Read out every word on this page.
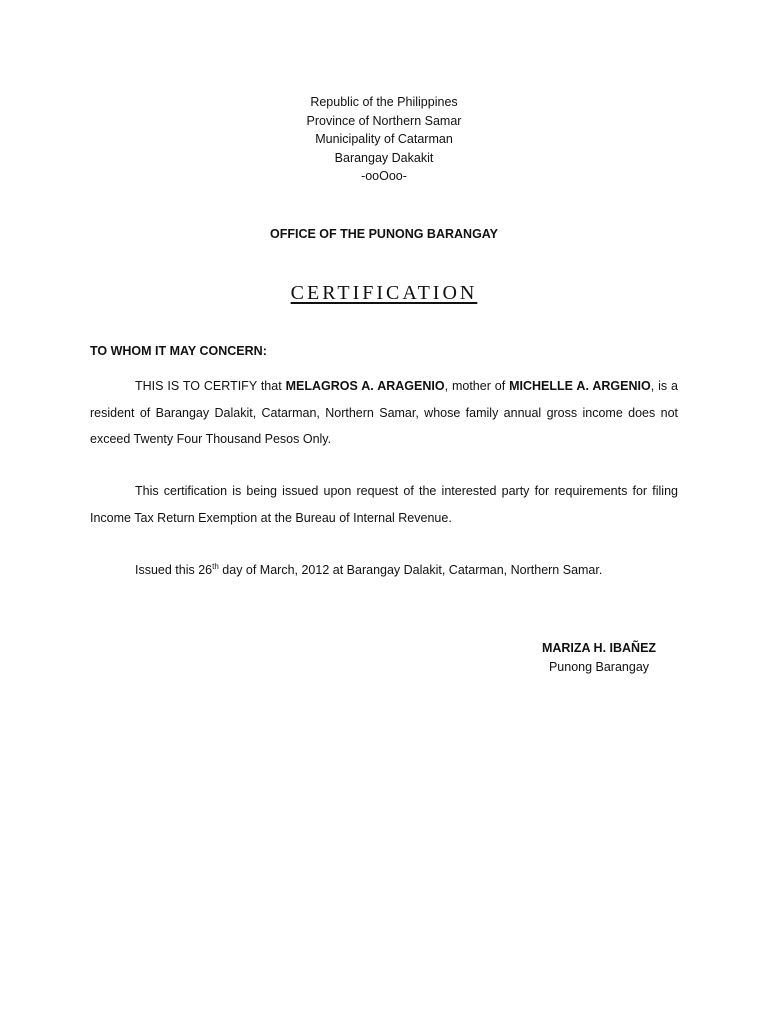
Republic of the Philippines
Province of Northern Samar
Municipality of Catarman
Barangay Dakakit
-ooOoo-
OFFICE OF THE PUNONG BARANGAY
CERTIFICATION
TO WHOM IT MAY CONCERN:
THIS IS TO CERTIFY that MELAGROS A. ARAGENIO, mother of MICHELLE A. ARGENIO, is a resident of Barangay Dalakit, Catarman, Northern Samar, whose family annual gross income does not exceed Twenty Four Thousand Pesos Only.
This certification is being issued upon request of the interested party for requirements for filing Income Tax Return Exemption at the Bureau of Internal Revenue.
Issued this 26th day of March, 2012 at Barangay Dalakit, Catarman, Northern Samar.
MARIZA H. IBAÑEZ
Punong Barangay
